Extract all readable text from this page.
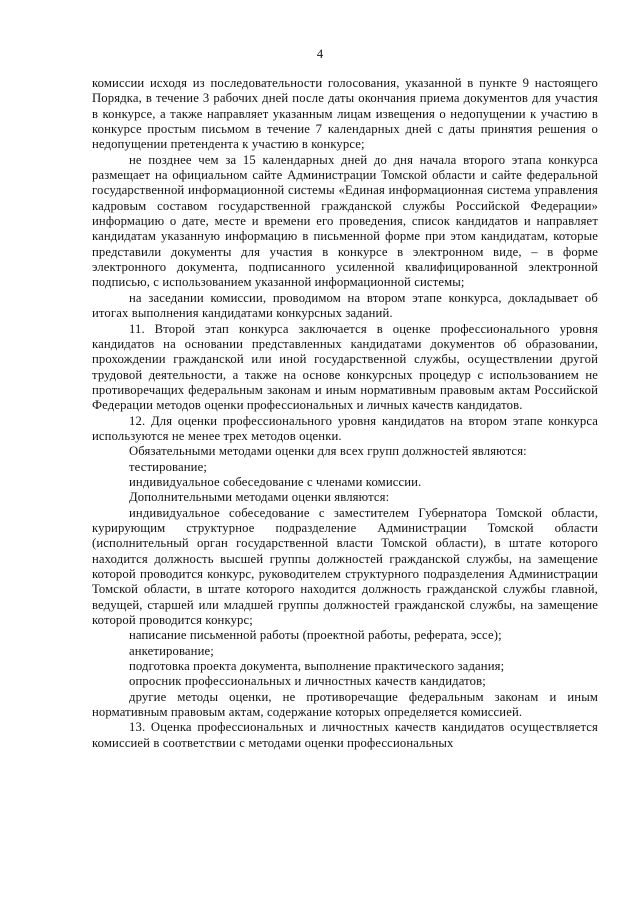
4

комиссии исходя из последовательности голосования, указанной в пункте 9 настоящего Порядка, в течение 3 рабочих дней после даты окончания приема документов для участия в конкурсе, а также направляет указанным лицам извещения о недопущении к участию в конкурсе простым письмом в течение 7 календарных дней с даты принятия решения о недопущении претендента к участию в конкурсе;

не позднее чем за 15 календарных дней до дня начала второго этапа конкурса размещает на официальном сайте Администрации Томской области и сайте федеральной государственной информационной системы «Единая информационная система управления кадровым составом государственной гражданской службы Российской Федерации» информацию о дате, месте и времени его проведения, список кандидатов и направляет кандидатам указанную информацию в письменной форме при этом кандидатам, которые представили документы для участия в конкурсе в электронном виде, – в форме электронного документа, подписанного усиленной квалифицированной электронной подписью, с использованием указанной информационной системы;

на заседании комиссии, проводимом на втором этапе конкурса, докладывает об итогах выполнения кандидатами конкурсных заданий.

11. Второй этап конкурса заключается в оценке профессионального уровня кандидатов на основании представленных кандидатами документов об образовании, прохождении гражданской или иной государственной службы, осуществлении другой трудовой деятельности, а также на основе конкурсных процедур с использованием не противоречащих федеральным законам и иным нормативным правовым актам Российской Федерации методов оценки профессиональных и личных качеств кандидатов.

12. Для оценки профессионального уровня кандидатов на втором этапе конкурса используются не менее трех методов оценки.

Обязательными методами оценки для всех групп должностей являются:

тестирование;

индивидуальное собеседование с членами комиссии.

Дополнительными методами оценки являются:

индивидуальное собеседование с заместителем Губернатора Томской области, курирующим структурное подразделение Администрации Томской области (исполнительный орган государственной власти Томской области), в штате которого находится должность высшей группы должностей гражданской службы, на замещение которой проводится конкурс, руководителем структурного подразделения Администрации Томской области, в штате которого находится должность гражданской службы главной, ведущей, старшей или младшей группы должностей гражданской службы, на замещение которой проводится конкурс;

написание письменной работы (проектной работы, реферата, эссе);

анкетирование;

подготовка проекта документа, выполнение практического задания;

опросник профессиональных и личностных качеств кандидатов;

другие методы оценки, не противоречащие федеральным законам и иным нормативным правовым актам, содержание которых определяется комиссией.

13. Оценка профессиональных и личностных качеств кандидатов осуществляется комиссией в соответствии с методами оценки профессиональных
